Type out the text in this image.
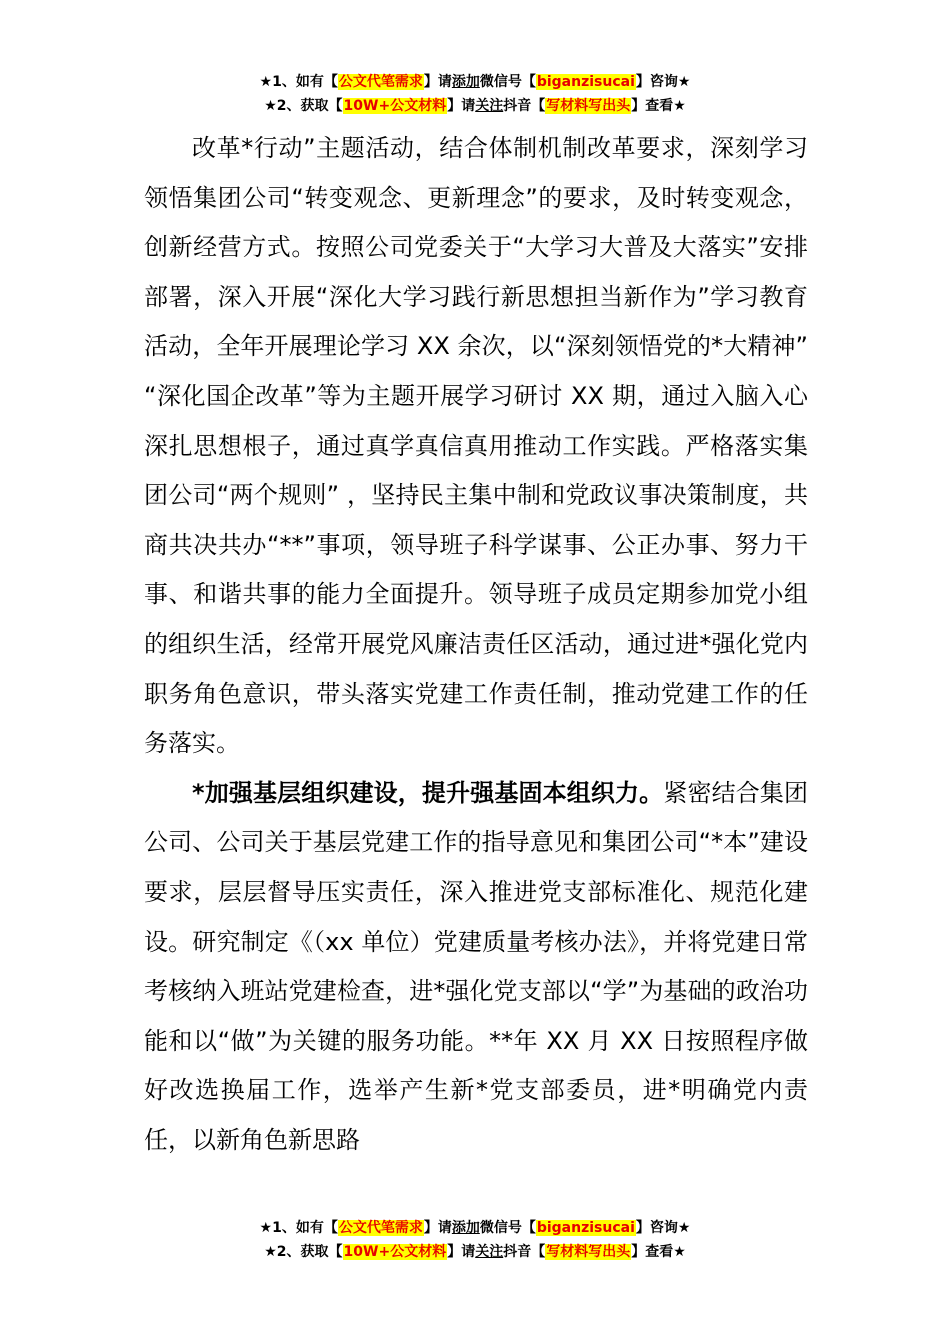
★1、如有【公文代笔需求】请添加微信号【biganzisucai】咨询★
★2、获取【10W+公文材料】请关注抖音【写材料写出头】查看★

改革*行动”主题活动，结合体制机制改革要求，深刻学习领悟集团公司“转变观念、更新理念”的要求，及时转变观念，创新经营方式。按照公司党委关于“大学习大普及大落实”安排部署，深入开展“深化大学习践行新思想担当新作为”学习教育活动，全年开展理论学习 XX 余次，以“深刻领悟党的*大精神” “深化国企改革”等为主题开展学习研讨 XX 期，通过入脑入心深扎思想根子，通过真学真信真用推动工作实践。严格落实集团公司“两个规则” ，坚持民主集中制和党政议事决策制度，共商共决共办“**”事项，领导班子科学谋事、公正办事、努力干事、和谐共事的能力全面提升。领导班子成员定期参加党小组的组织生活，经常开展党风廉洁责任区活动，通过进*强化党内职务角色意识，带头落实党建工作责任制，推动党建工作的任务落实。

*加强基层组织建设，提升强基固本组织力。紧密结合集团公司、公司关于基层党建工作的指导意见和集团公司“*本”建设要求，层层督导压实责任，深入推进党支部标准化、规范化建设。研究制定《（xx 单位）党建质量考核办法》，并将党建日常考核纳入班站党建检查，进*强化党支部以“学”为基础的政治功能和以“做”为关键的服务功能。**年 XX 月 XX 日按照程序做好改选换届工作，选举产生新*党支部委员，进*明确党内责任，以新角色新思路

★1、如有【公文代笔需求】请添加微信号【biganzisucai】咨询★
★2、获取【10W+公文材料】请关注抖音【写材料写出头】查看★
